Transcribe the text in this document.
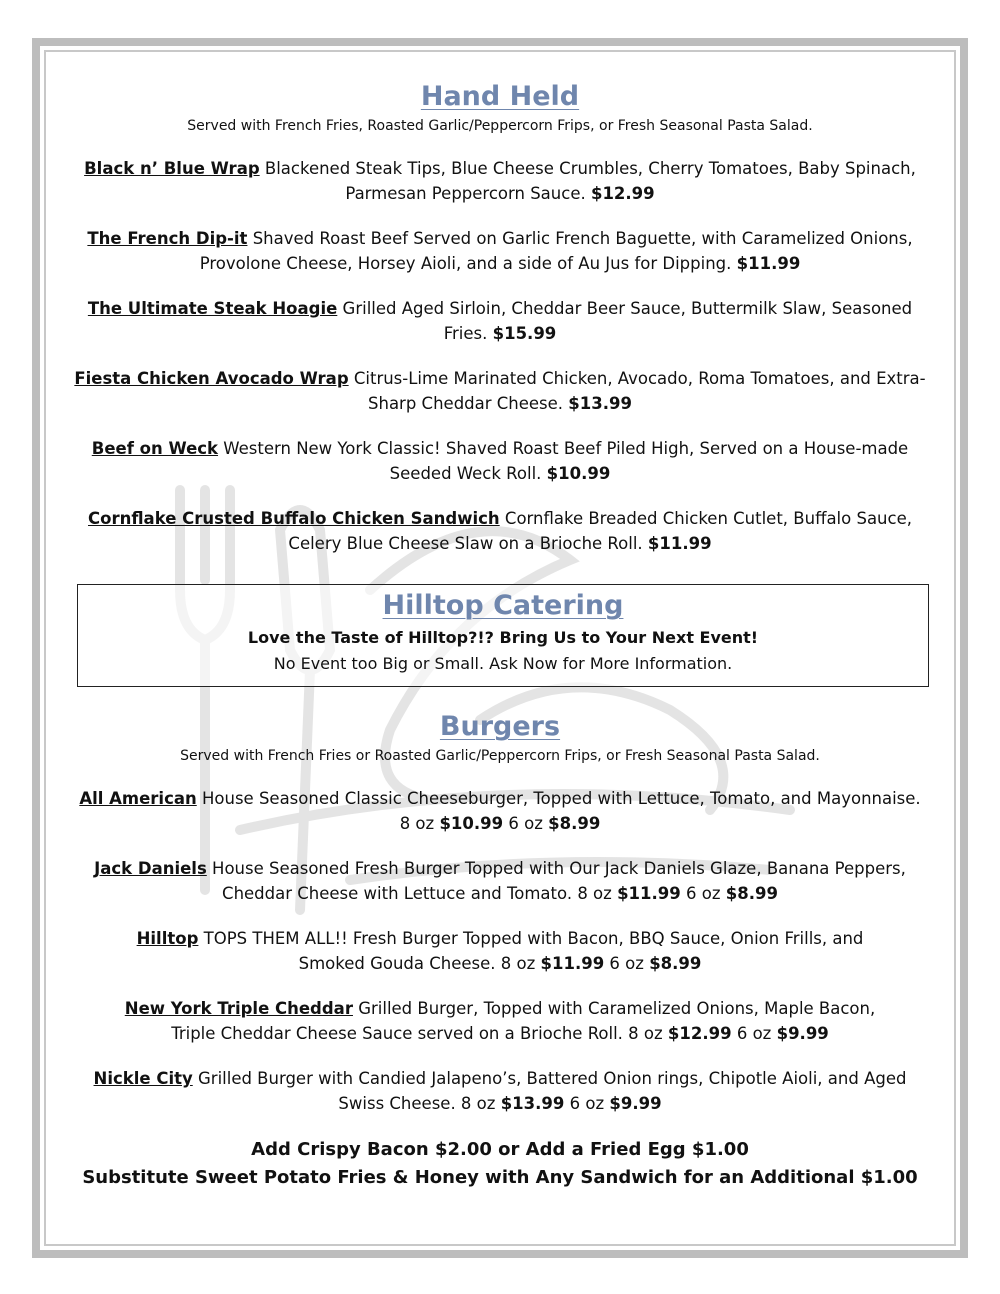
Hand Held

Served with French Fries, Roasted Garlic/Peppercorn Frips, or Fresh Seasonal Pasta Salad.

Black n’ Blue Wrap Blackened Steak Tips, Blue Cheese Crumbles, Cherry Tomatoes, Baby Spinach,
Parmesan Peppercorn Sauce. $12.99

The French Dip-it Shaved Roast Beef Served on Garlic French Baguette, with Caramelized Onions,
Provolone Cheese, Horsey Aioli, and a side of Au Jus for Dipping. $11.99

The Ultimate Steak Hoagie Grilled Aged Sirloin, Cheddar Beer Sauce, Buttermilk Slaw, Seasoned
Fries. $15.99

Fiesta Chicken Avocado Wrap Citrus-Lime Marinated Chicken, Avocado, Roma Tomatoes, and Extra-
Sharp Cheddar Cheese. $13.99

Beef on Weck Western New York Classic! Shaved Roast Beef Piled High, Served on a House-made
Seeded Weck Roll. $10.99

Cornflake Crusted Buffalo Chicken Sandwich Cornflake Breaded Chicken Cutlet, Buffalo Sauce,
Celery Blue Cheese Slaw on a Brioche Roll. $11.99

Hilltop Catering

Love the Taste of Hilltop?!? Bring Us to Your Next Event!

No Event too Big or Small. Ask Now for More Information.

Burgers

Served with French Fries or Roasted Garlic/Peppercorn Frips, or Fresh Seasonal Pasta Salad.

All American House Seasoned Classic Cheeseburger, Topped with Lettuce, Tomato, and Mayonnaise.
8 oz $10.99 6 oz $8.99

Jack Daniels House Seasoned Fresh Burger Topped with Our Jack Daniels Glaze, Banana Peppers,
Cheddar Cheese with Lettuce and Tomato. 8 oz $11.99 6 oz $8.99

Hilltop TOPS THEM ALL!! Fresh Burger Topped with Bacon, BBQ Sauce, Onion Frills, and
Smoked Gouda Cheese. 8 oz $11.99 6 oz $8.99

New York Triple Cheddar Grilled Burger, Topped with Caramelized Onions, Maple Bacon,
Triple Cheddar Cheese Sauce served on a Brioche Roll. 8 oz $12.99 6 oz $9.99

Nickle City Grilled Burger with Candied Jalapeno’s, Battered Onion rings, Chipotle Aioli, and Aged
Swiss Cheese. 8 oz $13.99 6 oz $9.99

Add Crispy Bacon $2.00 or Add a Fried Egg $1.00

Substitute Sweet Potato Fries & Honey with Any Sandwich for an Additional $1.00
